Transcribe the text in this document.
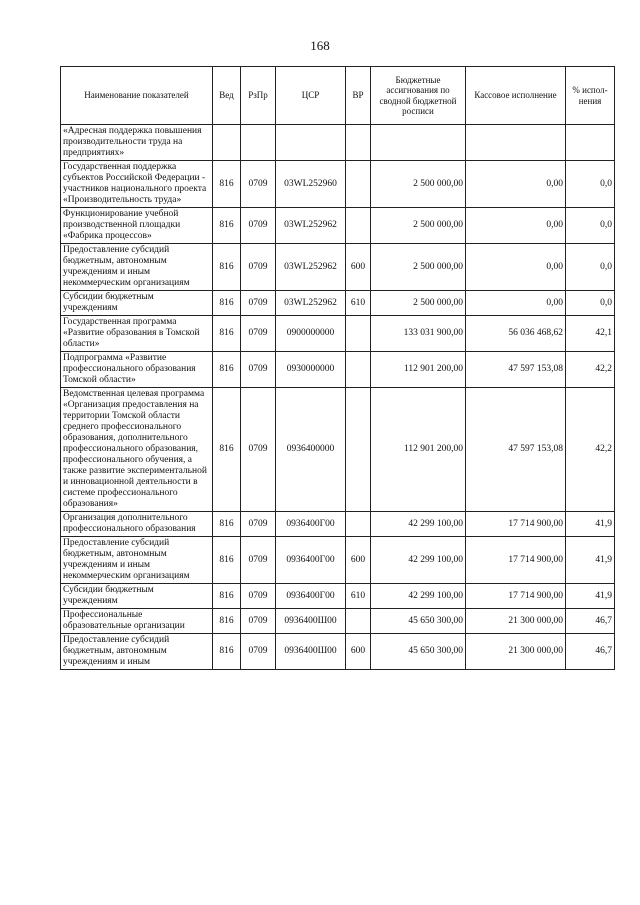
168
Наименование показателей	Вед	РзПр	ЦСР	ВР	Бюджетные ассигнования по сводной бюджетной росписи	Кассовое исполнение	% испол-нения
«Адресная поддержка повышения производительности труда на предприятиях»							
Государственная поддержка субъектов Российской Федерации - участников национального проекта «Производительность труда»	816	0709	03WL252960		2 500 000,00	0,00	0,0
Функционирование учебной производственной площадки «Фабрика процессов»	816	0709	03WL252962		2 500 000,00	0,00	0,0
Предоставление субсидий бюджетным, автономным учреждениям и иным некоммерческим организациям	816	0709	03WL252962	600	2 500 000,00	0,00	0,0
Субсидии бюджетным учреждениям	816	0709	03WL252962	610	2 500 000,00	0,00	0,0
Государственная программа «Развитие образования в Томской области»	816	0709	0900000000		133 031 900,00	56 036 468,62	42,1
Подпрограмма «Развитие профессионального образования Томской области»	816	0709	0930000000		112 901 200,00	47 597 153,08	42,2
Ведомственная целевая программа «Организация предоставления на территории Томской области среднего профессионального образования, дополнительного профессионального образования, профессионального обучения, а также развитие экспериментальной и инновационной деятельности в системе профессионального образования»	816	0709	0936400000		112 901 200,00	47 597 153,08	42,2
Организация дополнительного профессионального образования	816	0709	0936400Г00		42 299 100,00	17 714 900,00	41,9
Предоставление субсидий бюджетным, автономным учреждениям и иным некоммерческим организациям	816	0709	0936400Г00	600	42 299 100,00	17 714 900,00	41,9
Субсидии бюджетным учреждениям	816	0709	0936400Г00	610	42 299 100,00	17 714 900,00	41,9
Профессиональные образовательные организации	816	0709	0936400Ш00		45 650 300,00	21 300 000,00	46,7
Предоставление субсидий бюджетным, автономным учреждениям и иным	816	0709	0936400Ш00	600	45 650 300,00	21 300 000,00	46,7
